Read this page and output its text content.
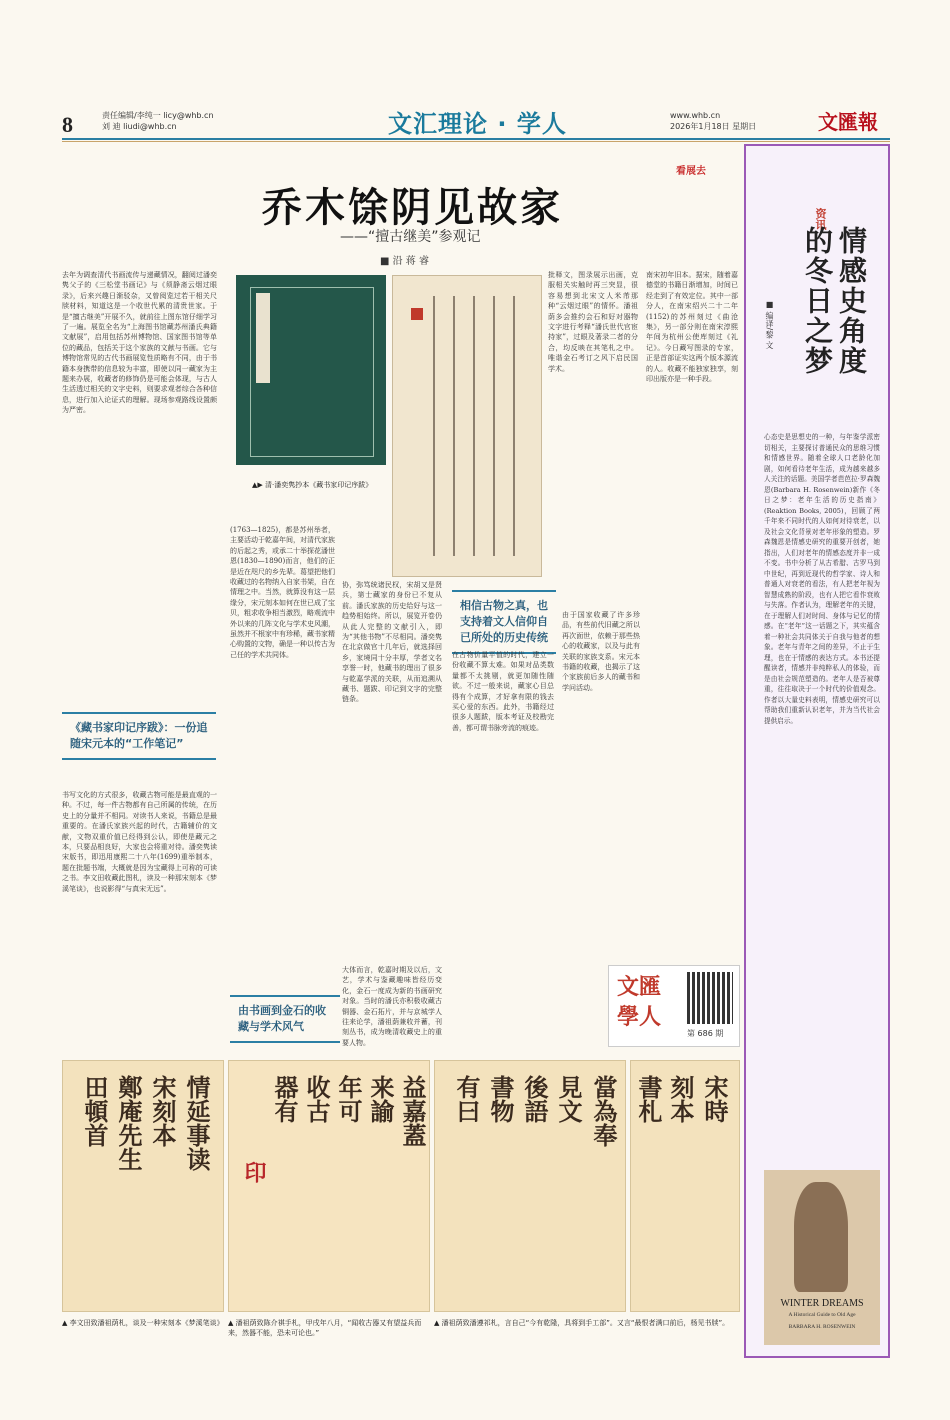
8	责任编辑/李纯一 licy@whb.cn
刘 迪 liudi@whb.cn	文汇理论 · 学人	www.whb.cn
2026年1月18日 星期日	文匯報
看展去
乔木馀阴见故家
——“擅古继美”参观记
■ 沿 蒋 睿
去年为调查清代书画流传与递藏情况，翻阅过潘奕隽父子的《三松堂书画记》与《须静斋云烟过眼录》，后来兴趣日渐驳杂，又曾阅览过若干相关尺牍材料，知道这是一个收世代累的清贵世家。于是“擅古继美”开展不久，就前往上图东馆仔细学习了一遍。展览全名为“上海图书馆藏苏州潘氏典籍文献展”，启用包括苏州博物馆、国家图书馆等单位的藏品，包括关于这个家族的文献与书画。它与博物馆常见的古代书画展览性质略有不同，由于书籍本身携带的信息较为丰富，即使以同一藏家为主题来办展，收藏者的修饰仍是可能会体现，与古人生活透过相关的文字史料，则要求观者综合各种信息，进行加入论证式的理解。现场参观路线设置颇为严密。
《藏书家印记序跋》：一份追随宋元本的“工作笔记”
书写文化的方式很多，收藏古物可能是最直观的一种。不过，每一件古物都有自己所属的传统，在历史上的分量并不相同。对读书人来说，书籍总是最重要的。在潘氏家族兴起的时代，古籍辅价的文献，文物双重价值已经得到公认，即使是藏元之本，只要品相良好，大家也会将重对待。潘奕隽读宋版书，即迅用康熙二十八年(1699)重举制本，题在批题书端，大概就是因为宝藏得上可称的可读之书。李文田收藏此图札，读及一种那宋刻本《梦溪笔谈》，也说影得“与真宋无远”。
▲▶ 清·潘奕隽抄本《藏书家印记序跋》
(1763—1825)，都是苏州举者，主要活动于乾嘉年间，对清代家族的后起之秀，或承二十举探花潘世恩(1830—1890)而言，他们的正是近在咫尺的乡先辈。葛望把他们收藏过的名物纳入自家书架，自在情理之中。当然，就算没有这一层缘分，宋元刻本如何在世已成了宝贝，粗求收争相当激烈，略观流中外以来的几阵文化与学术史风潮，虽然并不根家中有珍稀，藏书家精心购置的文物，确是一种以传古为己任的学术共同体。
由书画到金石的收藏与学术风气
协，弥笃统诸民权，宋胡又是贤兵，第士藏家的身份已不复从前。潘氏家族的历史给好与这一趋势相始终。所以，展览开卷仍从此人完整的文献引入，即为“其他书物”不尽相同。潘奕隽在北京做官十几年后，就选择回乡，家境同十分丰厚，学者文名享誉一时，他藏书的理出了很多与乾嘉学派的关联，从而追溯从藏书、题跋、印记到文字的完整链条。
大体而言，乾嘉时期及以后，文艺，学术与鉴藏趣味皆经历变化，金石一度成为新的书画研究对象。当时的潘氏亦积极收藏古铜器、金石拓片，并与京城学人往来论学，潘祖荫兼收并蓄，刊刻丛书，成为晚清收藏史上的重要人物。
相信古物之真，也支持着文人信仰自已所处的历史传统
在古物价量平值的时代，建立一份收藏不算太难。如果对品类数量都不太挑剔，就更加随性随欲。不过一般来说，藏家心目总得有个成算，才好拿有限的钱去买心爱的东西。此外，书籍经过很多人题跋，版本考证及校勘完善，都可谓书脉旁流的痕迹。
批释文，图录展示出画，克服相关实触时再三突显，很容易想到北宋文人米芾那种“云烟过眼”的情怀。潘祖荫多会推约会石和好对器物文字进行考释“潘氏世代官宦持家”，过眼及著录二者的分合，均反映在其笔札之中。唯谐金石考订之风下启民国学术。
由于国家收藏了许多珍品，有些前代旧藏之所以再次面世，依赖于那些热心的收藏家，以及与此有关联的家族支系。宋元本书籍的收藏，也揭示了这个家族前后多人的藏书和学问活动。
南宋初年旧本。据宋，随着嘉德堂的书籍日渐增加，时间已经走到了有效定位。其中一部分人，在南宋绍兴二十二年(1152)的苏州刻过《曲沧集》，另一部分则在南宋淳熙年间为杭州公使库刻过《礼记》。今日藏写图录的专家，正是首部证实这两个版本源流的人。收藏不能独家独享，刻印出版亦是一种手段。
文匯
學人
第 686 期
资讯
情感史角度的冬日之梦
■ 编译/黎 文
心态史是思想史的一种，与年鉴学派密切相关，主要探讨普通民众的思维习惯和情感世界。随着全球人口老龄化加剧，如何看待老年生活，成为越来越多人关注的话题。美国学者芭芭拉·罗森魏恩(Barbara H. Rosenwein)新作《冬日之梦：老年生活的历史指南》(Reaktion Books, 2005)，回顾了两千年来不同时代的人如何对待衰老，以及社会文化背景对老年形象的塑造。罗森魏恩是情感史研究的重要开创者，她指出，人们对老年的情感态度并非一成不变。书中分析了从古希腊、古罗马到中世纪，再到近现代的哲学家、诗人和普通人对衰老的看法，有人把老年视为智慧成熟的阶段，也有人把它看作衰败与失落。作者认为，理解老年的关键，在于理解人们对时间、身体与记忆的情感。在“老年”这一话题之下，其实蕴含着一种社会共同体关于自我与他者的想象。老年与青年之间的差异，不止于生理，也在于情感的表达方式。本书还提醒读者，情感并非纯粹私人的体验，而是由社会规范塑造的。老年人是否被尊重，往往取决于一个时代的价值观念。作者以大量史料表明，情感史研究可以帮助我们重新认识老年，并为当代社会提供启示。
WINTER DREAMS
A Historical Guide to Old Age
BARBARA H. ROSENWEIN
情延事读
宋刻本
鄭庵先生
田頓首	益嘉蓋
来諭
年可
收古
器有
印
當為奉
見文
後語
書物
有曰	宋時
刻本
書札
▲ 李文田致潘祖荫札，谈及一种宋刻本《梦溪笔谈》 ▲ 潘祖荫致陈介祺手札，甲戌年八月，“闻收古器又有望益兵而来，然器不能，恐未可论也。”
▲ 潘祖荫致潘遵祁札，言自己“今有乾隆，具将到手工部”。又言“最恨者满口前后，杨见书牍”。
